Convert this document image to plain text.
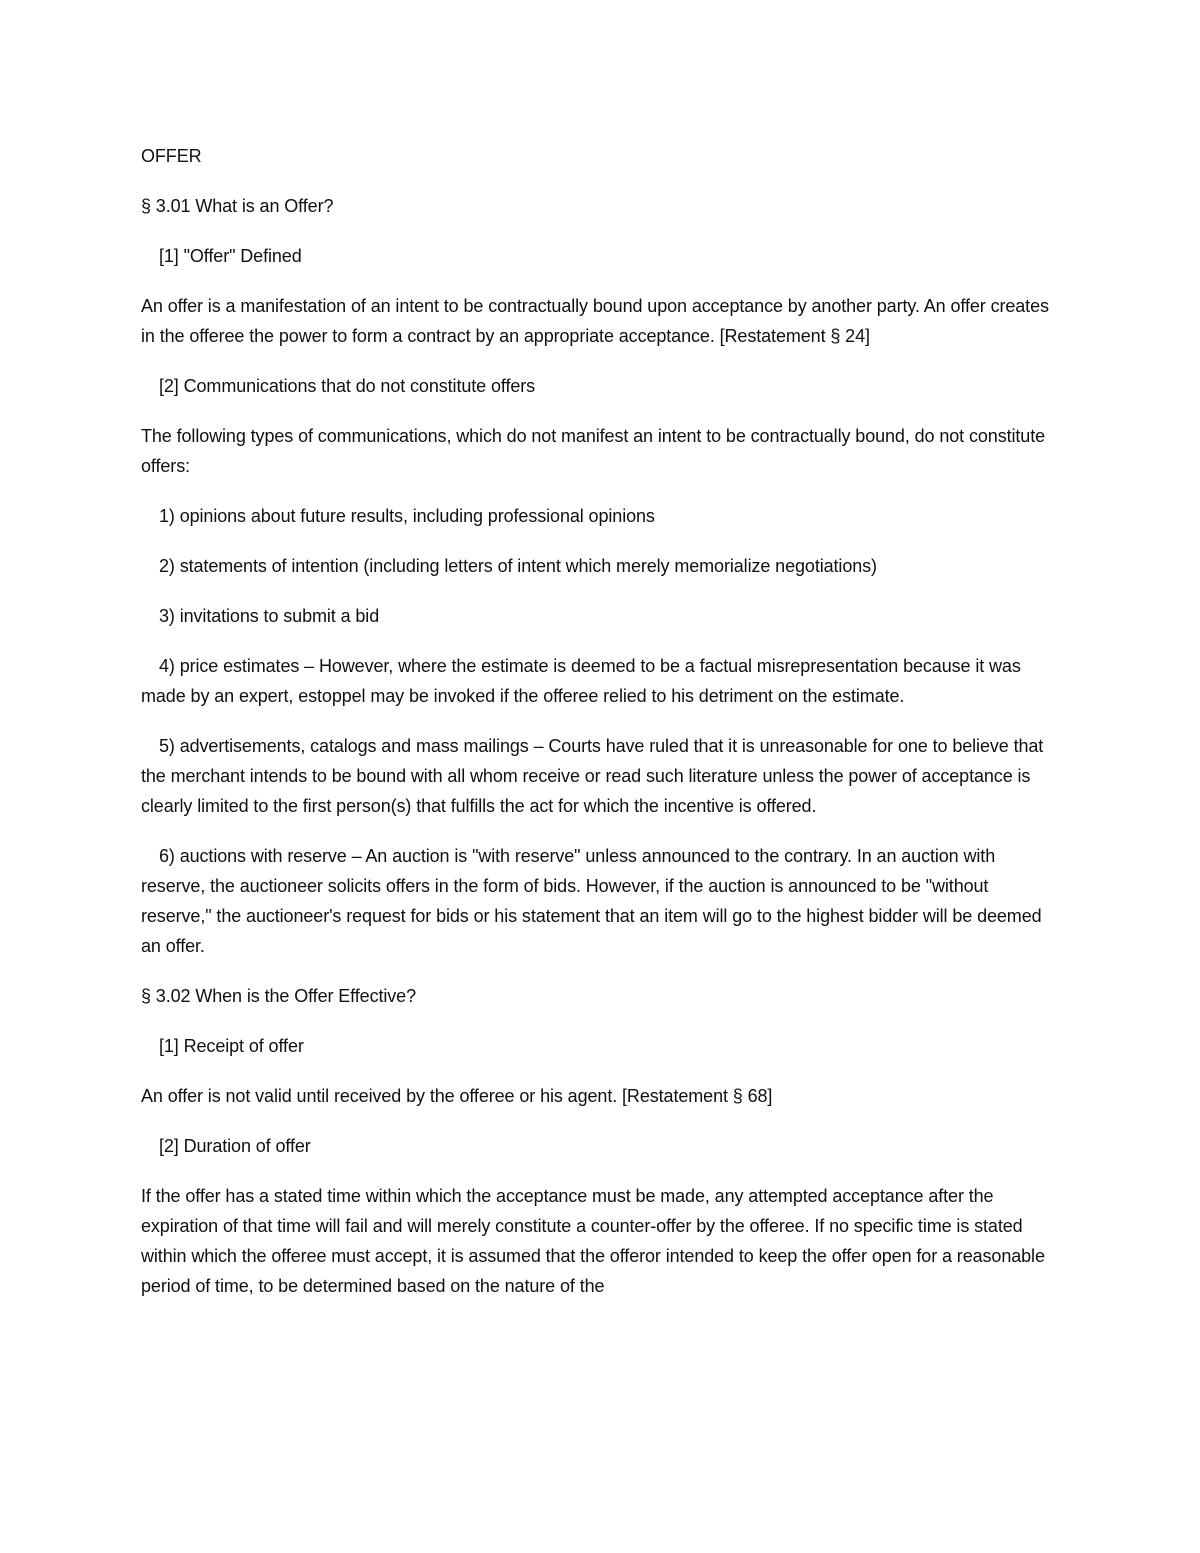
OFFER

§ 3.01 What is an Offer?

[1] "Offer" Defined

An offer is a manifestation of an intent to be contractually bound upon acceptance by another party. An offer creates in the offeree the power to form a contract by an appropriate acceptance. [Restatement § 24]

[2] Communications that do not constitute offers

The following types of communications, which do not manifest an intent to be contractually bound, do not constitute offers:

1) opinions about future results, including professional opinions

2) statements of intention (including letters of intent which merely memorialize negotiations)

3) invitations to submit a bid

4) price estimates – However, where the estimate is deemed to be a factual misrepresentation because it was made by an expert, estoppel may be invoked if the offeree relied to his detriment on the estimate.

5) advertisements, catalogs and mass mailings – Courts have ruled that it is unreasonable for one to believe that the merchant intends to be bound with all whom receive or read such literature unless the power of acceptance is clearly limited to the first person(s) that fulfills the act for which the incentive is offered.

6) auctions with reserve – An auction is "with reserve" unless announced to the contrary. In an auction with reserve, the auctioneer solicits offers in the form of bids. However, if the auction is announced to be "without reserve," the auctioneer's request for bids or his statement that an item will go to the highest bidder will be deemed an offer.

§ 3.02 When is the Offer Effective?

[1] Receipt of offer

An offer is not valid until received by the offeree or his agent. [Restatement § 68]

[2] Duration of offer

If the offer has a stated time within which the acceptance must be made, any attempted acceptance after the expiration of that time will fail and will merely constitute a counter-offer by the offeree. If no specific time is stated within which the offeree must accept, it is assumed that the offeror intended to keep the offer open for a reasonable period of time, to be determined based on the nature of the
